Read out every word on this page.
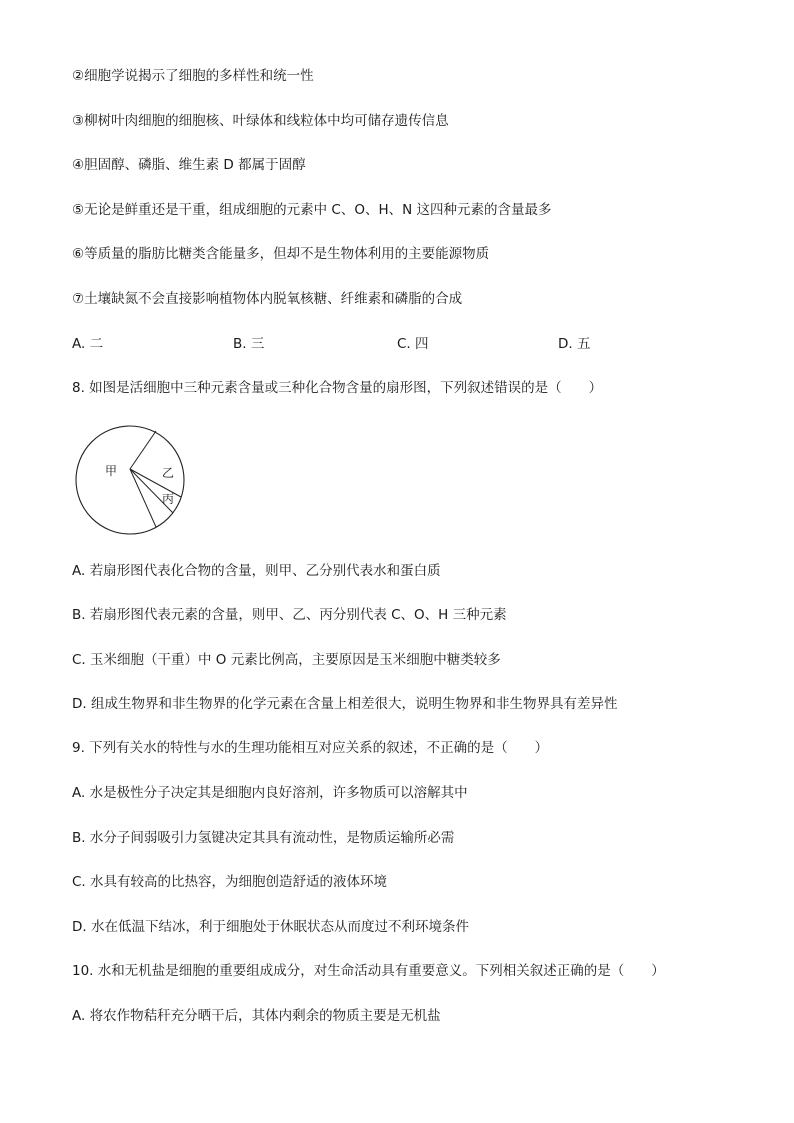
②细胞学说揭示了细胞的多样性和统一性
③柳树叶肉细胞的细胞核、叶绿体和线粒体中均可储存遗传信息
④胆固醇、磷脂、维生素 D 都属于固醇
⑤无论是鲜重还是干重，组成细胞的元素中 C、O、H、N 这四种元素的含量最多
⑥等质量的脂肪比糖类含能量多，但却不是生物体利用的主要能源物质
⑦土壤缺氮不会直接影响植物体内脱氧核糖、纤维素和磷脂的合成
A. 二	B. 三	C. 四	D. 五
8. 如图是活细胞中三种元素含量或三种化合物含量的扇形图，下列叙述错误的是（　　）
甲	乙
丙
A. 若扇形图代表化合物的含量，则甲、乙分别代表水和蛋白质
B. 若扇形图代表元素的含量，则甲、乙、丙分别代表 C、O、H 三种元素
C. 玉米细胞（干重）中 O 元素比例高，主要原因是玉米细胞中糖类较多
D. 组成生物界和非生物界的化学元素在含量上相差很大，说明生物界和非生物界具有差异性
9. 下列有关水的特性与水的生理功能相互对应关系的叙述，不正确的是（　　）
A. 水是极性分子决定其是细胞内良好溶剂，许多物质可以溶解其中
B. 水分子间弱吸引力氢键决定其具有流动性，是物质运输所必需
C. 水具有较高的比热容，为细胞创造舒适的液体环境
D. 水在低温下结冰，利于细胞处于休眠状态从而度过不利环境条件
10. 水和无机盐是细胞的重要组成成分，对生命活动具有重要意义。下列相关叙述正确的是（　　）
A. 将农作物秸秆充分晒干后，其体内剩余的物质主要是无机盐
